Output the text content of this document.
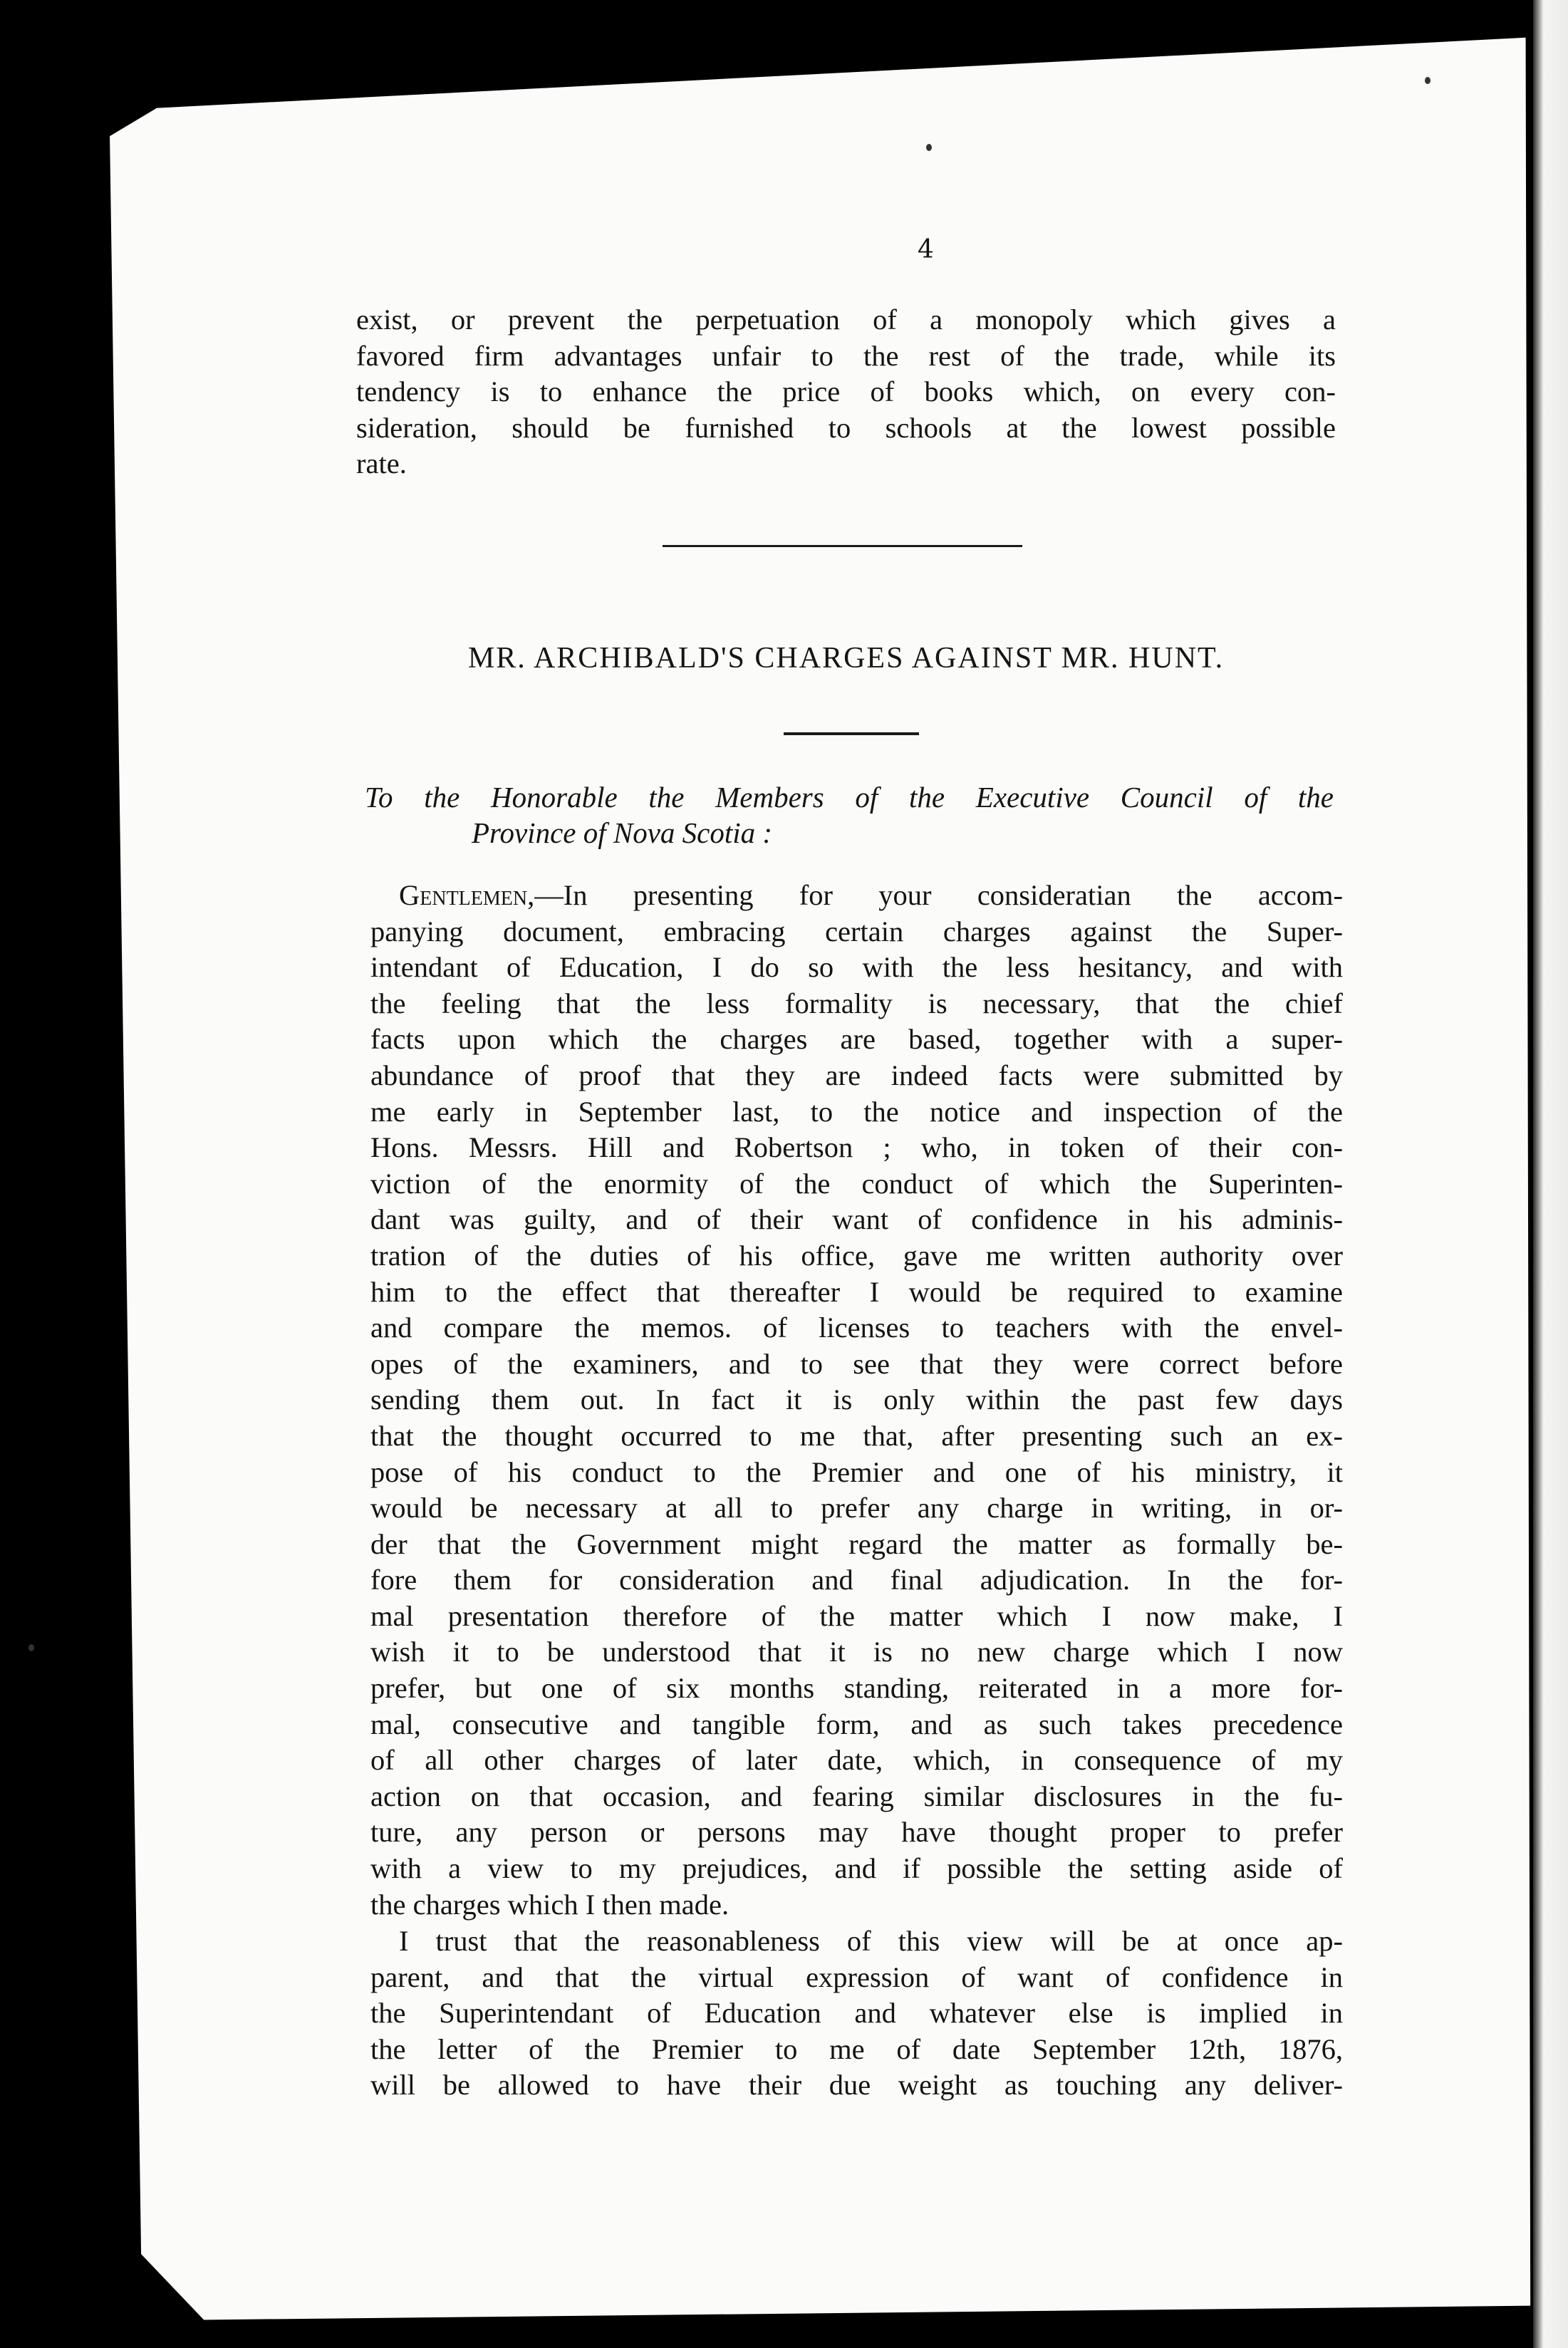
4
exist, or prevent the perpetuation of a monopoly which gives a
favored firm advantages unfair to the rest of the trade, while its
tendency is to enhance the price of books which, on every con-
sideration, should be furnished to schools at the lowest possible
rate.
MR. ARCHIBALD'S CHARGES AGAINST MR. HUNT.
To the Honorable the Members of the Executive Council of the
Province of Nova Scotia :
Gentlemen,—In presenting for your consideratian the accom-
panying document, embracing certain charges against the Super-
intendant of Education, I do so with the less hesitancy, and with
the feeling that the less formality is necessary, that the chief
facts upon which the charges are based, together with a super-
abundance of proof that they are indeed facts were submitted by
me early in September last, to the notice and inspection of the
Hons. Messrs. Hill and Robertson ; who, in token of their con-
viction of the enormity of the conduct of which the Superinten-
dant was guilty, and of their want of confidence in his adminis-
tration of the duties of his office, gave me written authority over
him to the effect that thereafter I would be required to examine
and compare the memos. of licenses to teachers with the envel-
opes of the examiners, and to see that they were correct before
sending them out. In fact it is only within the past few days
that the thought occurred to me that, after presenting such an ex-
pose of his conduct to the Premier and one of his ministry, it
would be necessary at all to prefer any charge in writing, in or-
der that the Government might regard the matter as formally be-
fore them for consideration and final adjudication. In the for-
mal presentation therefore of the matter which I now make, I
wish it to be understood that it is no new charge which I now
prefer, but one of six months standing, reiterated in a more for-
mal, consecutive and tangible form, and as such takes precedence
of all other charges of later date, which, in consequence of my
action on that occasion, and fearing similar disclosures in the fu-
ture, any person or persons may have thought proper to prefer
with a view to my prejudices, and if possible the setting aside of
the charges which I then made.
I trust that the reasonableness of this view will be at once ap-
parent, and that the virtual expression of want of confidence in
the Superintendant of Education and whatever else is implied in
the letter of the Premier to me of date September 12th, 1876,
will be allowed to have their due weight as touching any deliver-
